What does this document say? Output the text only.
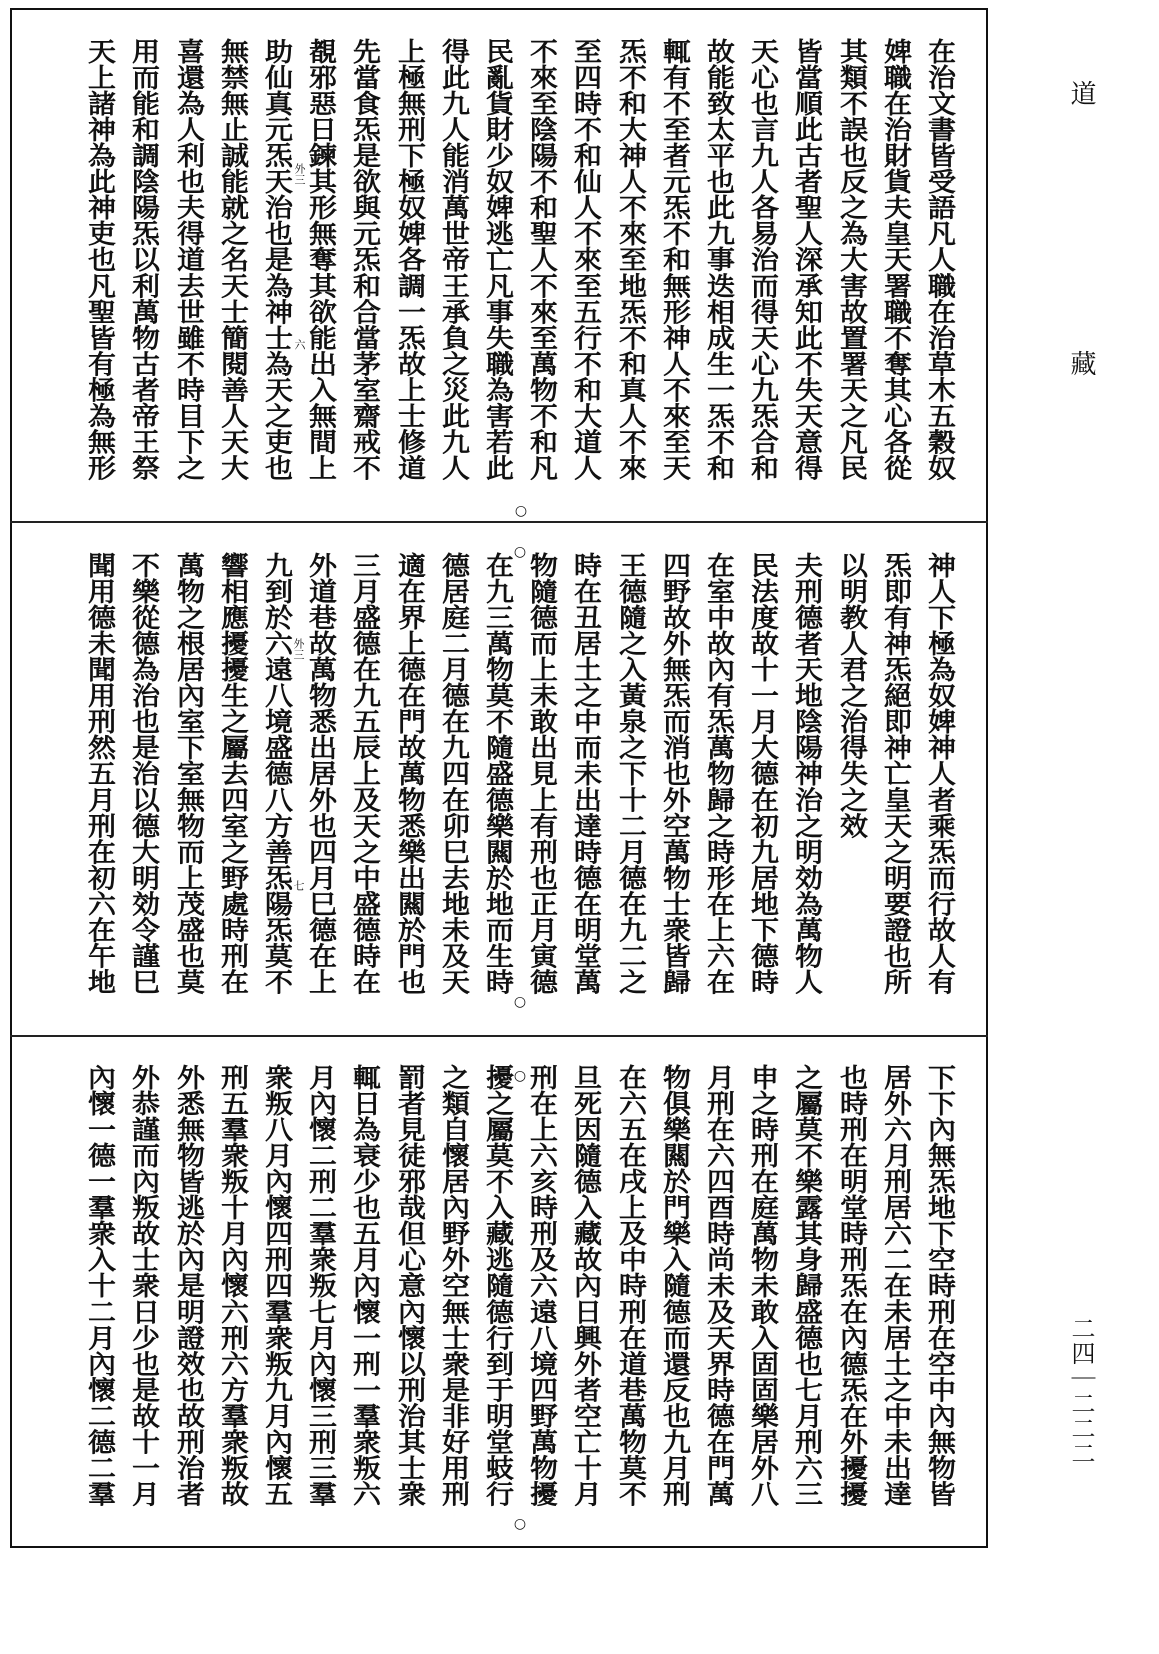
在治文書皆受語凡人職在治草木五穀奴
婢職在治財貨夫皇天署職不奪其心各從
其類不誤也反之為大害故置署天之凡民
皆當順此古者聖人深承知此不失天意得
天心也言九人各易治而得天心九炁合和
故能致太平也此九事迭相成生一炁不和
輒有不至者元炁不和無形神人不來至天
炁不和大神人不來至地炁不和真人不來
至四時不和仙人不來至五行不和大道人
不來至陰陽不和聖人不來至萬物不和凡
民亂貨財少奴婢逃亡凡事失職為害若此
得此九人能消萬世帝王承負之災此九人
上極無刑下極奴婢各調一炁故上士修道
先當食炁是欲與元炁和合當茅室齋戒不
覩邪惡日鍊其形無奪其欲能出入無間上
助仙真元炁天治也是為神士為天之吏也
無禁無止誠能就之名天士簡閱善人天大
喜還為人利也夫得道去世雖不時目下之
用而能和調陰陽炁以利萬物古者帝王祭
天上諸神為此神吏也凡聖皆有極為無形
○
外三
六
神人下極為奴婢神人者乘炁而行故人有
炁即有神炁絕即神亡皇天之明要證也所
以明教人君之治得失之效
夫刑德者天地陰陽神治之明効為萬物人
民法度故十一月大德在初九居地下德時
在室中故內有炁萬物歸之時形在上六在
四野故外無炁而消也外空萬物士衆皆歸
王德隨之入黃泉之下十二月德在九二之
時在丑居土之中而未出達時德在明堂萬
物隨德而上未敢出見上有刑也正月寅德
在九三萬物莫不隨盛德樂闗於地而生時
德居庭二月德在九四在卯巳去地未及天
適在界上德在門故萬物悉樂出闗於門也
三月盛德在九五辰上及天之中盛德時在
外道巷故萬物悉出居外也四月巳德在上
九到於六遠八境盛德八方善炁陽炁莫不
響相應擾擾生之屬去四室之野處時刑在
萬物之根居內室下室無物而上茂盛也莫
不樂從德為治也是治以德大明効令謹巳
聞用德未聞用刑然五月刑在初六在午地	○
○
外三
七
下下內無炁地下空時刑在空中內無物皆
居外六月刑居六二在未居土之中未出達
也時刑在明堂時刑炁在內德炁在外擾擾
之屬莫不樂露其身歸盛德也七月刑六三
申之時刑在庭萬物未敢入固固樂居外八
月刑在六四酉時尚未及天界時德在門萬
物俱樂闗於門樂入隨德而還反也九月刑
在六五在戌上及中時刑在道巷萬物莫不
旦死因隨德入藏故內日興外者空亡十月
刑在上六亥時刑及六遠八境四野萬物擾
擾之屬莫不入藏逃隨德行到于明堂蚑行
之類自懷居內野外空無士衆是非好用刑
罰者見徒邪哉但心意內懷以刑治其士衆
輒日為衰少也五月內懷一刑一羣衆叛六
月內懷二刑二羣衆叛七月內懷三刑三羣
衆叛八月內懷四刑四羣衆叛九月內懷五
刑五羣衆叛十月內懷六刑六方羣衆叛故
外悉無物皆逃於內是明證效也故刑治者
外恭謹而內叛故士衆日少也是故十一月
內懷一德一羣衆入十二月內懷二德二羣	○
○
道
藏
二四｜二二二
